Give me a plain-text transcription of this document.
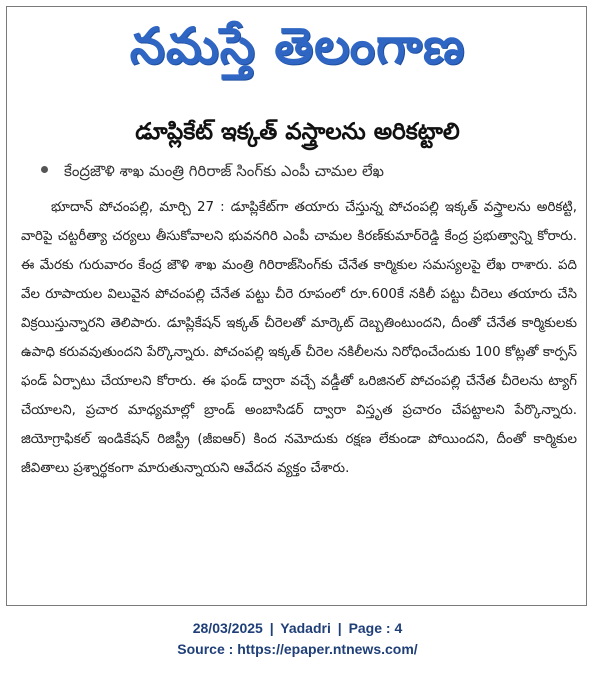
నమస్తే తెలంగాణ
డూప్లికేట్ ఇక్కత్ వస్త్రాలను అరికట్టాలి
కేంద్రజౌళి శాఖ మంత్రి గిరిరాజ్ సింగ్‌కు ఎంపీ చామల లేఖ

భూదాన్ పోచంపల్లి, మార్చి 27 : డూప్లికేట్‌గా తయారు చేస్తున్న పోచంపల్లి ఇక్కత్ వస్త్రాలను అరికట్టి, వారిపై చట్టరీత్యా చర్యలు తీసుకోవాలని భువనగిరి ఎంపీ చామల కిరణ్‌కుమార్‌రెడ్డి కేంద్ర ప్రభుత్వాన్ని కోరారు. ఈ మేరకు గురువారం కేంద్ర జౌళి శాఖ మంత్రి గిరిరాజ్‌సింగ్‌కు చేనేత కార్మికుల సమస్యలపై లేఖ రాశారు. పది వేల రూపాయల విలువైన పోచంపల్లి చేనేత పట్టు చీరె రూపంలో రూ.600కే నకిలీ పట్టు చీరెలు తయారు చేసి విక్రయిస్తున్నారని తెలిపారు. డూప్లికేషన్ ఇక్కత్ చీరెలతో మార్కెట్ దెబ్బతింటుందని, దీంతో చేనేత కార్మికులకు ఉపాధి కరువవుతుందని పేర్కొన్నారు. పోచంపల్లి ఇక్కత్ చీరెల నకిలీలను నిరోధించేందుకు 100 కోట్లతో కార్పస్ ఫండ్ ఏర్పాటు చేయాలని కోరారు. ఈ ఫండ్ ద్వారా వచ్చే వడ్డీతో ఒరిజినల్ పోచంపల్లి చేనేత చీరెలను ట్యాగ్ చేయాలని, ప్రచార మాధ్యమాల్లో బ్రాండ్ అంబాసిడర్ ద్వారా విస్తృత ప్రచారం చేపట్టాలని పేర్కొన్నారు. జియోగ్రాఫికల్ ఇండికేషన్ రిజిస్ట్రీ (జీఐఆర్) కింద నమోదుకు రక్షణ లేకుండా పోయిందని, దీంతో కార్మికుల జీవితాలు ప్రశ్నార్థకంగా మారుతున్నాయని ఆవేదన వ్యక్తం చేశారు.

28/03/2025 | Yadadri | Page : 4
Source : https://epaper.ntnews.com/
